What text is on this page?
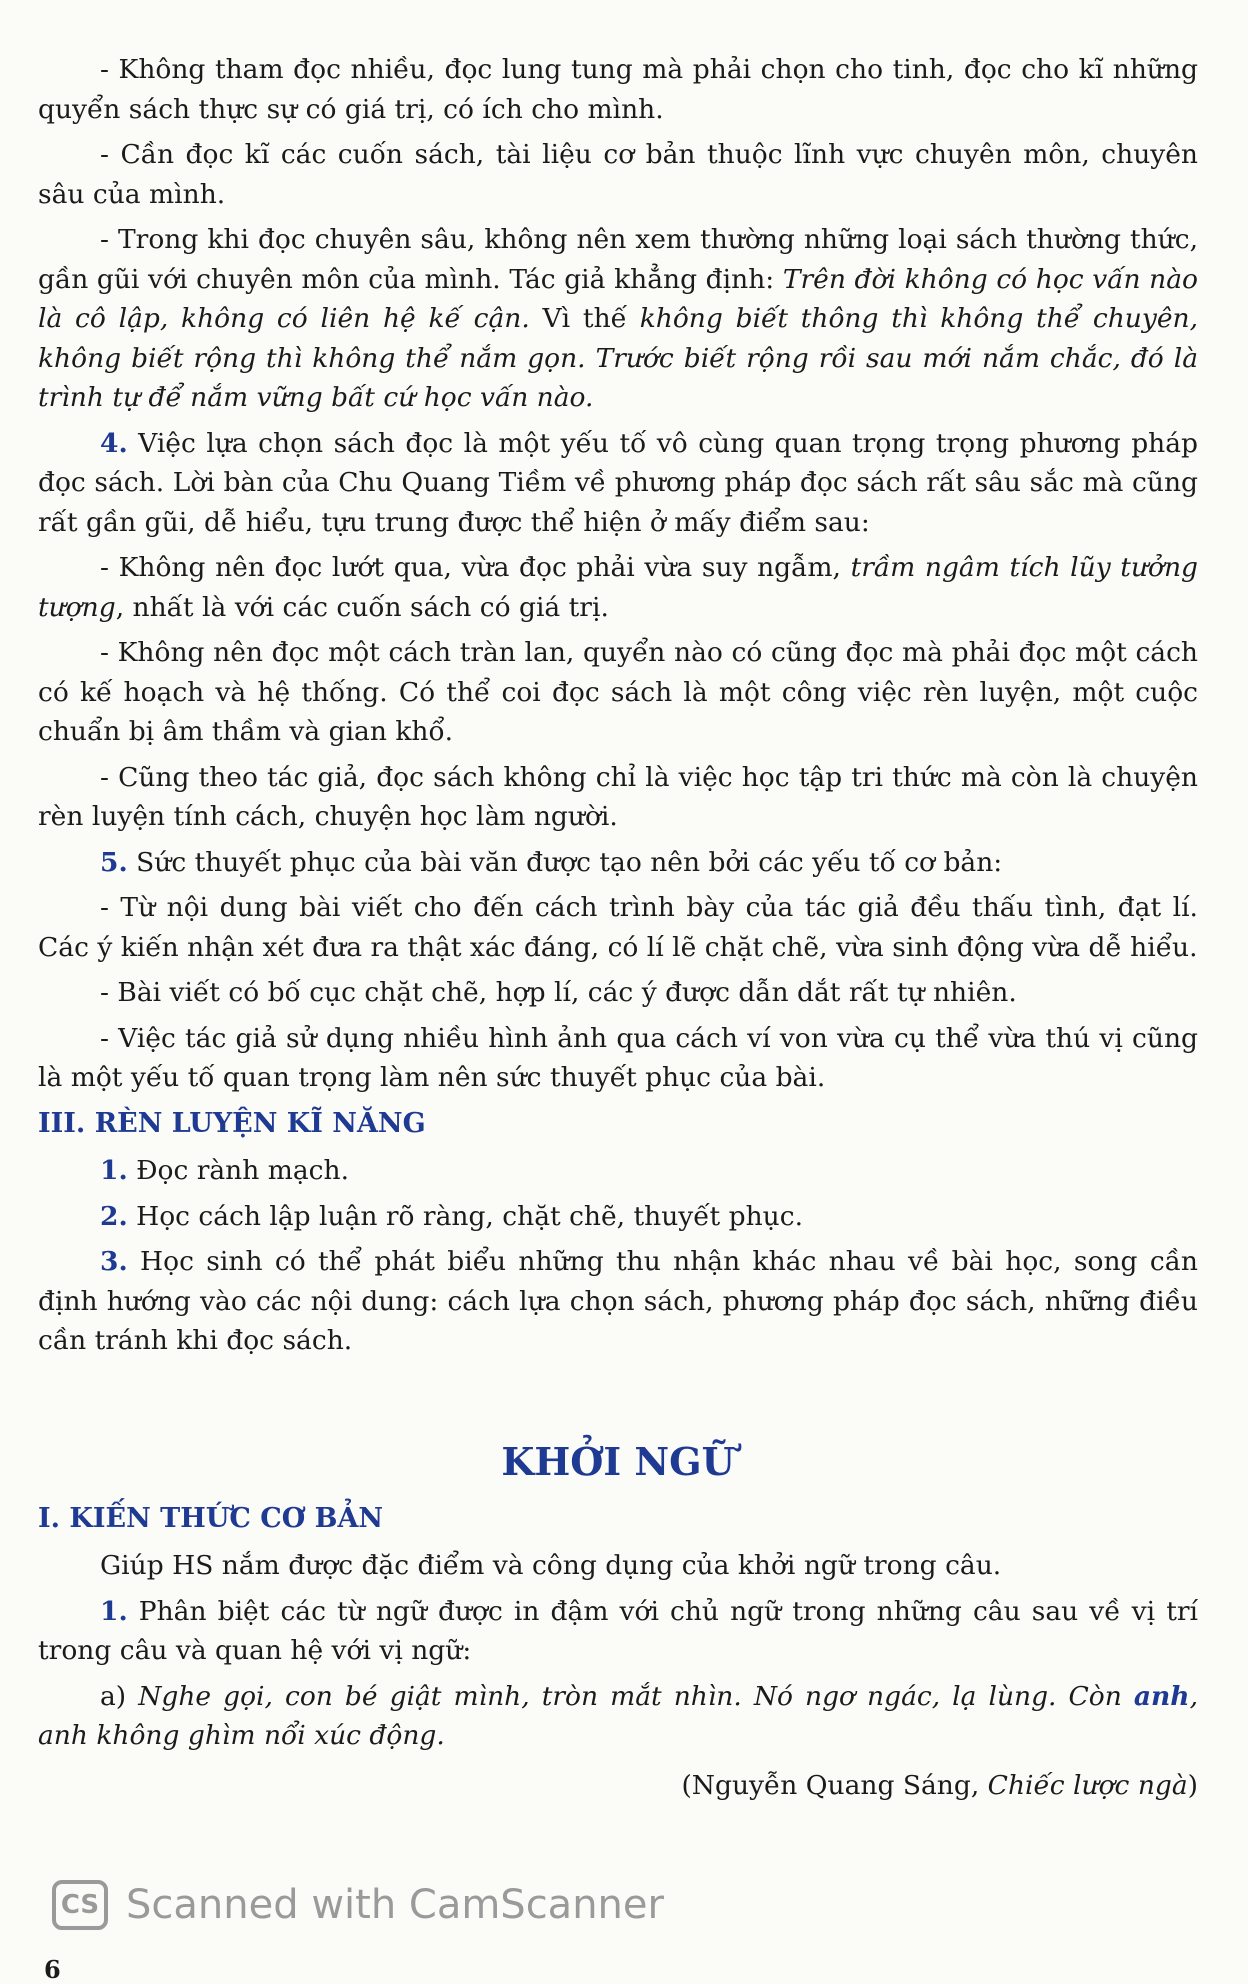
- Không tham đọc nhiều, đọc lung tung mà phải chọn cho tinh, đọc cho kĩ những quyển sách thực sự có giá trị, có ích cho mình.

- Cần đọc kĩ các cuốn sách, tài liệu cơ bản thuộc lĩnh vực chuyên môn, chuyên sâu của mình.

- Trong khi đọc chuyên sâu, không nên xem thường những loại sách thường thức, gần gũi với chuyên môn của mình. Tác giả khẳng định: Trên đời không có học vấn nào là cô lập, không có liên hệ kế cận. Vì thế không biết thông thì không thể chuyên, không biết rộng thì không thể nắm gọn. Trước biết rộng rồi sau mới nắm chắc, đó là trình tự để nắm vững bất cứ học vấn nào.

4. Việc lựa chọn sách đọc là một yếu tố vô cùng quan trọng trọng phương pháp đọc sách. Lời bàn của Chu Quang Tiềm về phương pháp đọc sách rất sâu sắc mà cũng rất gần gũi, dễ hiểu, tựu trung được thể hiện ở mấy điểm sau:

- Không nên đọc lướt qua, vừa đọc phải vừa suy ngẫm, trầm ngâm tích lũy tưởng tượng, nhất là với các cuốn sách có giá trị.

- Không nên đọc một cách tràn lan, quyển nào có cũng đọc mà phải đọc một cách có kế hoạch và hệ thống. Có thể coi đọc sách là một công việc rèn luyện, một cuộc chuẩn bị âm thầm và gian khổ.

- Cũng theo tác giả, đọc sách không chỉ là việc học tập tri thức mà còn là chuyện rèn luyện tính cách, chuyện học làm người.

5. Sức thuyết phục của bài văn được tạo nên bởi các yếu tố cơ bản:

- Từ nội dung bài viết cho đến cách trình bày của tác giả đều thấu tình, đạt lí. Các ý kiến nhận xét đưa ra thật xác đáng, có lí lẽ chặt chẽ, vừa sinh động vừa dễ hiểu.

- Bài viết có bố cục chặt chẽ, hợp lí, các ý được dẫn dắt rất tự nhiên.

- Việc tác giả sử dụng nhiều hình ảnh qua cách ví von vừa cụ thể vừa thú vị cũng là một yếu tố quan trọng làm nên sức thuyết phục của bài.

III. RÈN LUYỆN KĨ NĂNG

1. Đọc rành mạch.

2. Học cách lập luận rõ ràng, chặt chẽ, thuyết phục.

3. Học sinh có thể phát biểu những thu nhận khác nhau về bài học, song cần định hướng vào các nội dung: cách lựa chọn sách, phương pháp đọc sách, những điều cần tránh khi đọc sách.

KHỞI NGỮ
I. KIẾN THỨC CƠ BẢN

Giúp HS nắm được đặc điểm và công dụng của khởi ngữ trong câu.

1. Phân biệt các từ ngữ được in đậm với chủ ngữ trong những câu sau về vị trí trong câu và quan hệ với vị ngữ:

a) Nghe gọi, con bé giật mình, tròn mắt nhìn. Nó ngơ ngác, lạ lùng. Còn anh, anh không ghìm nổi xúc động.

(Nguyễn Quang Sáng, Chiếc lược ngà)

CS Scanned with CamScanner
6
